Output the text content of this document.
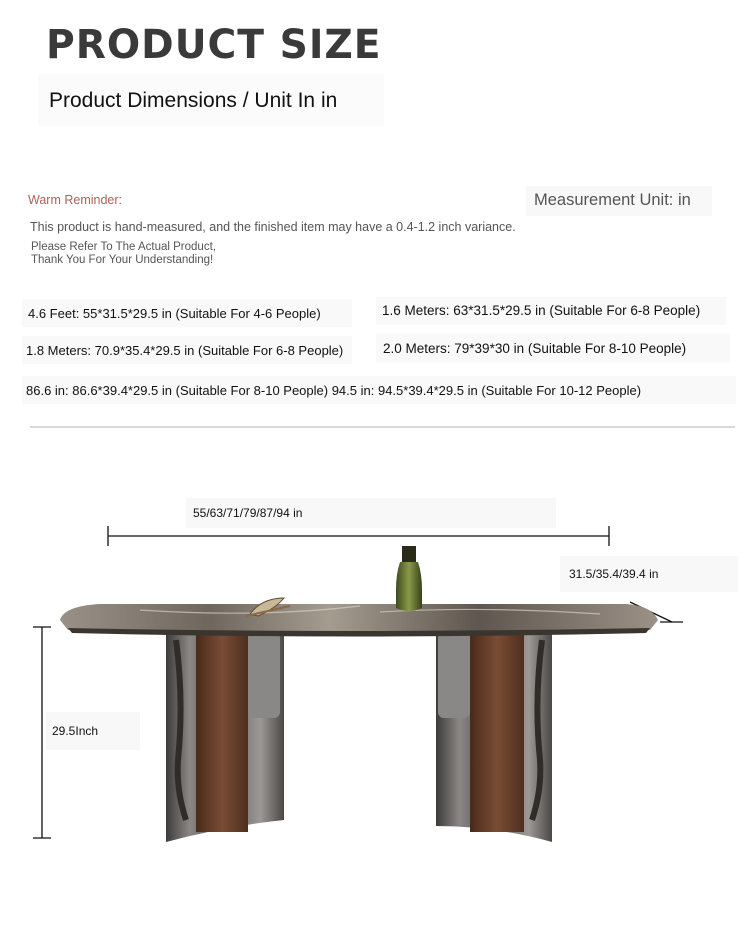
PRODUCT SIZE
Product Dimensions / Unit In in
Warm Reminder:	Measurement Unit: in
This product is hand-measured, and the finished item may have a 0.4-1.2 inch variance.
Please Refer To The Actual Product,
Thank You For Your Understanding!
4.6 Feet: 55*31.5*29.5 in (Suitable For 4-6 People)	1.6 Meters: 63*31.5*29.5 in (Suitable For 6-8 People)
1.8 Meters: 70.9*35.4*29.5 in (Suitable For 6-8 People)	2.0 Meters: 79*39*30 in (Suitable For 8-10 People)
86.6 in: 86.6*39.4*29.5 in (Suitable For 8-10 People) 94.5 in: 94.5*39.4*29.5 in (Suitable For 10-12 People)
55/63/71/79/87/94 in
31.5/35.4/39.4 in
29.5Inch
